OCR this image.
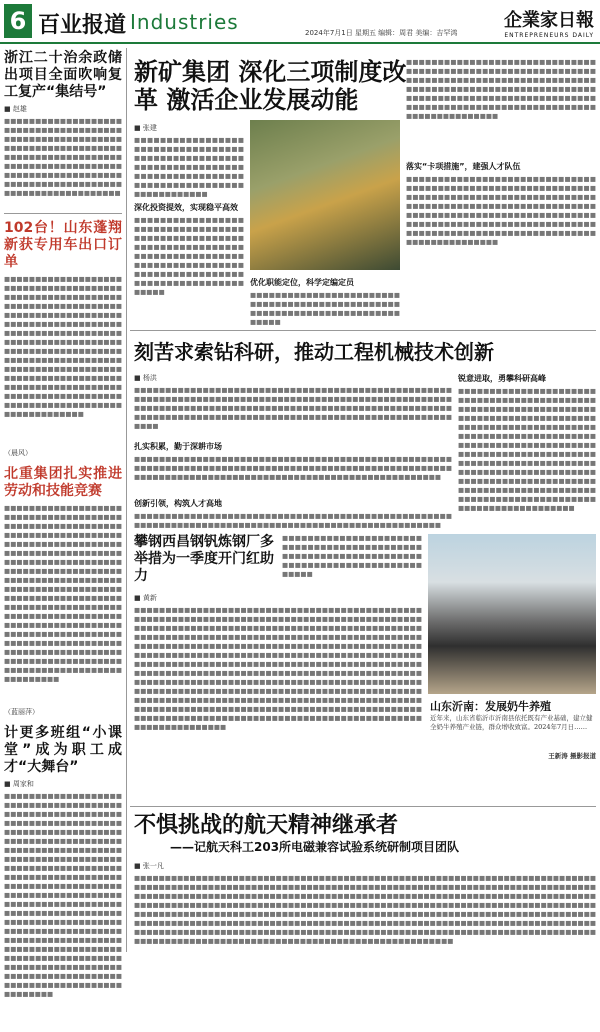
6 百业报道 Industries	2024年7月1日 星期五 编辑：周君 美编：吉罕鸿
企業家日報
ENTREPRENEURS DAILY
浙江二十治余政储出项目全面吹响复工复产“集结号”
■ 赵雄
■■■■■■■■■■■■■■■■■■■■■■■■■■■■■■■■■■■■■■■■■■■■■■■■■■■■■■■■■■■■■■■■■■■■■■■■■■■■■■■■■■■■■■■■■■■■■■■■■■■■■■■■■■■■■■■■■■■■■■■■■■■■■■■■■■■■■■■■■■■■■■■■■■■■■■■■■■■■■■■■■■■■■■■■■■■
102台！山东蓬翔新获专用车出口订单
■■■■■■■■■■■■■■■■■■■■■■■■■■■■■■■■■■■■■■■■■■■■■■■■■■■■■■■■■■■■■■■■■■■■■■■■■■■■■■■■■■■■■■■■■■■■■■■■■■■■■■■■■■■■■■■■■■■■■■■■■■■■■■■■■■■■■■■■■■■■■■■■■■■■■■■■■■■■■■■■■■■■■■■■■■■■■■■■■■■■■■■■■■■■■■■■■■■■■■■■■■■■■■■■■■■■■■■■■■■■■■■■■■■■■■■■■■■■■■■■■■■■■■■■■■■■■■■■■■■■■■■■■■■■■■■■■■■■■■■■■■■■■■■■■■■■■■■■■■
（晨风）
北重集团扎实推进劳动和技能竞赛
■■■■■■■■■■■■■■■■■■■■■■■■■■■■■■■■■■■■■■■■■■■■■■■■■■■■■■■■■■■■■■■■■■■■■■■■■■■■■■■■■■■■■■■■■■■■■■■■■■■■■■■■■■■■■■■■■■■■■■■■■■■■■■■■■■■■■■■■■■■■■■■■■■■■■■■■■■■■■■■■■■■■■■■■■■■■■■■■■■■■■■■■■■■■■■■■■■■■■■■■■■■■■■■■■■■■■■■■■■■■■■■■■■■■■■■■■■■■■■■■■■■■■■■■■■■■■■■■■■■■■■■■■■■■■■■■■■■■■■■■■■■■■■■■■■■■■■■■■■■■■■■■■■■■■■■■■■■■■■■■■■■■■■■■■■■■■■■■■■■■■■■■■■■■■■■■■■■■■■■■■■■■■■■■■■
（蓝丽萍）
计更多班组“小课堂”成为职工成才“大舞台”
■ 周家和
■■■■■■■■■■■■■■■■■■■■■■■■■■■■■■■■■■■■■■■■■■■■■■■■■■■■■■■■■■■■■■■■■■■■■■■■■■■■■■■■■■■■■■■■■■■■■■■■■■■■■■■■■■■■■■■■■■■■■■■■■■■■■■■■■■■■■■■■■■■■■■■■■■■■■■■■■■■■■■■■■■■■■■■■■■■■■■■■■■■■■■■■■■■■■■■■■■■■■■■■■■■■■■■■■■■■■■■■■■■■■■■■■■■■■■■■■■■■■■■■■■■■■■■■■■■■■■■■■■■■■■■■■■■■■■■■■■■■■■■■■■■■■■■■■■■■■■■■■■■■■■■■■■■■■■■■■■■■■■■■■■■■■■■■■■■■■■■■■■■■■■■■■■■■■■■■■■■■■■■■■■■■■■■■■■■■■■■■■■■■■■■■■■■■■■■■■■■■■■■■■■■■■■■■■■■■■■■■■■■■■■■■■■
新矿集团 深化三项制度改革 激活企业发展动能
■ 张建
■■■■■■■■■■■■■■■■■■■■■■■■■■■■■■■■■■■■■■■■■■■■■■■■■■■■■■■■■■■■■■■■■■■■■■■■■■■■■■■■■■■■■■■■■■■■■■■■■■■■■■■■■■■■■■■■■■
深化投资提效，实现稳平高效
■■■■■■■■■■■■■■■■■■■■■■■■■■■■■■■■■■■■■■■■■■■■■■■■■■■■■■■■■■■■■■■■■■■■■■■■■■■■■■■■■■■■■■■■■■■■■■■■■■■■■■■■■■■■■■■■■■■■■■■■■■■■■■■■■■■■■■■■■■■■■
优化职能定位，科学定编定员
■■■■■■■■■■■■■■■■■■■■■■■■■■■■■■■■■■■■■■■■■■■■■■■■■■■■■■■■■■■■■■■■■■■■■■■■■■■■■
■■■■■■■■■■■■■■■■■■■■■■■■■■■■■■■■■■■■■■■■■■■■■■■■■■■■■■■■■■■■■■■■■■■■■■■■■■■■■■■■■■■■■■■■■■■■■■■■■■■■■■■■■■■■■■■■■■■■■■■■■■■■■■■■■■■■■■■■■■■■■■■■■■■■■■■■■■■■■■■■■■■■■■■■■■■■■■■■■■■■■■■■■■■■■■■■■■■
落实“卡项措施”，建强人才队伍
■■■■■■■■■■■■■■■■■■■■■■■■■■■■■■■■■■■■■■■■■■■■■■■■■■■■■■■■■■■■■■■■■■■■■■■■■■■■■■■■■■■■■■■■■■■■■■■■■■■■■■■■■■■■■■■■■■■■■■■■■■■■■■■■■■■■■■■■■■■■■■■■■■■■■■■■■■■■■■■■■■■■■■■■■■■■■■■■■■■■■■■■■■■■■■■■■■■■■■■■■■■■■■■■■■■■■■■■■■■■■■■■■
刻苦求索钻科研，推动工程机械技术创新
■ 杨洪
■■■■■■■■■■■■■■■■■■■■■■■■■■■■■■■■■■■■■■■■■■■■■■■■■■■■■■■■■■■■■■■■■■■■■■■■■■■■■■■■■■■■■■■■■■■■■■■■■■■■■■■■■■■■■■■■■■■■■■■■■■■■■■■■■■■■■■■■■■■■■■■■■■■■■■■■■■■■■■■■■■■■■■■■■■■■■■■■■■■■■■■■■■■■■■■■■■■■■■■■■■■■■■■■
扎实积累，勤于深耕市场
■■■■■■■■■■■■■■■■■■■■■■■■■■■■■■■■■■■■■■■■■■■■■■■■■■■■■■■■■■■■■■■■■■■■■■■■■■■■■■■■■■■■■■■■■■■■■■■■■■■■■■■■■■■■■■■■■■■■■■■■■■■■■■■■■■■■■■■■■■■■■■■■■■■■■■■■
创新引领，构筑人才高地
■■■■■■■■■■■■■■■■■■■■■■■■■■■■■■■■■■■■■■■■■■■■■■■■■■■■■■■■■■■■■■■■■■■■■■■■■■■■■■■■■■■■■■■■■■■■■■■■■■■■■
锐意进取，勇攀科研高峰
■■■■■■■■■■■■■■■■■■■■■■■■■■■■■■■■■■■■■■■■■■■■■■■■■■■■■■■■■■■■■■■■■■■■■■■■■■■■■■■■■■■■■■■■■■■■■■■■■■■■■■■■■■■■■■■■■■■■■■■■■■■■■■■■■■■■■■■■■■■■■■■■■■■■■■■■■■■■■■■■■■■■■■■■■■■■■■■■■■■■■■■■■■■■■■■■■■■■■■■■■■■■■■■■■■■■■■■■■■■■■■■■■■■■■■■■■■■■■■■■■■■■■■■■■■■■■■■■■■■■■■■■■■■■■■■■■■■■■■■■■■■■■■■■■■■■■■■■■■■■■■■■■
攀钢西昌钢钒炼钢厂多举措为一季度开门红助力
■ 黄新
■■■■■■■■■■■■■■■■■■■■■■■■■■■■■■■■■■■■■■■■■■■■■■■■■■■■■■■■■■■■■■■■■■■■■■■■■■■■■■■■■■■■■■■■■■■■■■■■■■■■■■■■■■■■■■■■■■■■■■■■■■■■■■■■■■■■■■■■■■■■■■■■■■■■■■■■■■■■■■■■■■■■■■■■■■■■■■■■■■■■■■■■■■■■■■■■■■■■■■■■■■■■■■■■■■■■■■■■■■■■■■■■■■■■■■■■■■■■■■■■■■■■■■■■■■■■■■■■■■■■■■■■■■■■■■■■■■■■■■■■■■■■■■■■■■■■■■■■■■■■■■■■■■■■■■■■■■■■■■■■■■■■■■■■■■■■■■■■■■■■■■■■■■■■■■■■■■■■■■■■■■■■■■■■■■■■■■■■■■■■■■■■■■■■■■■■■■■■■■■■■■■■■■■■■■■■■■■■■■■■■■■■■■■■■■■■■■■■■■■■■■■■■■■■■■■■■■■■■■■■■■■■■■■■■■■■■■■■■■■■■■■■■■■■■■■■■■■■■■■■■■■■■■■■■■■■■■■■■■■■■■■■■■■■■■■■■■■■■■■■■■■■■■■■■■■■■■■■■■■■■■■■■■■■■■■■■■■■■■■■■■■■■■■■■■■■■■■■■■■■■■■■■■■■■■■■■
■■■■■■■■■■■■■■■■■■■■■■■■■■■■■■■■■■■■■■■■■■■■■■■■■■■■■■■■■■■■■■■■■■■■■■■■■■■■■■■■■■■■■■■■■■■■■
山东沂南：发展奶牛养殖
近年来，山东省临沂市沂南县依托既有产业基础，建立健全奶牛养殖产业链，群众增收致富。2024年7月日……
王新涛 摄影报道
不惧挑战的航天精神继承者
——记航天科工203所电磁兼容试验系统研制项目团队
■ 张一凡
■■■■■■■■■■■■■■■■■■■■■■■■■■■■■■■■■■■■■■■■■■■■■■■■■■■■■■■■■■■■■■■■■■■■■■■■■■■■■■■■■■■■■■■■■■■■■■■■■■■■■■■■■■■■■■■■■■■■■■■■■■■■■■■■■■■■■■■■■■■■■■■■■■■■■■■■■■■■■■■■■■■■■■■■■■■■■■■■■■■■■■■■■■■■■■■■■■■■■■■■■■■■■■■■■■■■■■■■■■■■■■■■■■■■■■■■■■■■■■■■■■■■■■■■■■■■■■■■■■■■■■■■■■■■■■■■■■■■■■■■■■■■■■■■■■■■■■■■■■■■■■■■■■■■■■■■■■■■■■■■■■■■■■■■■■■■■■■■■■■■■■■■■■■■■■■■■■■■■■■■■■■■■■■■■■■■■■■■■■■■■■■■■■■■■■■■■■■■■■■■■■■■■■■■■■■■■■■■■■■■■■■■■■■■■■■■■■■■■■■■■■■■■■■■■■■■■■■■■■■■■■■■■■■■■■■■■■■■■■■■■■■■■■■■■■■■■■■■■■■■■■■■■■■■■■■■■■■■■■■■■■■■■■■■■■■■■■■■■■■■■■■■■■■■■■■■■■■■■■■■■■■■■■■■■■■■■■■■■
